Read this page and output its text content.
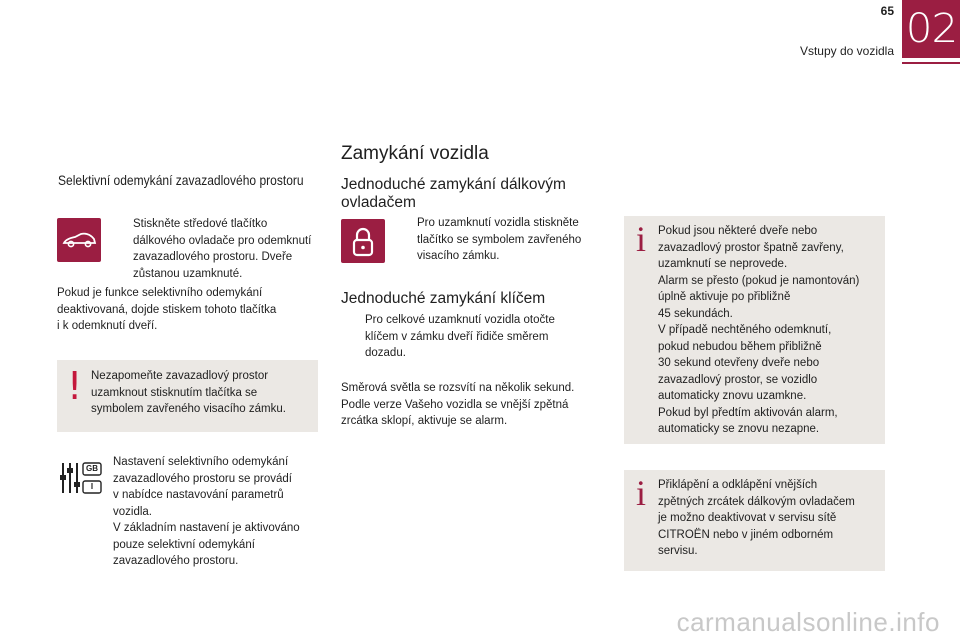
65
Vstupy do vozidla 02
Selektivní odemykání zavazadlového prostoru
Stiskněte středové tlačítko
dálkového ovladače pro odemknutí
zavazadlového prostoru. Dveře
zůstanou uzamknuté.
Pokud je funkce selektivního odemykání
deaktivovaná, dojde stiskem tohoto tlačítka
i k odemknutí dveří.
! Nezapomeňte zavazadlový prostor
uzamknout stisknutím tlačítka se
symbolem zavřeného visacího zámku.
GB
I
Nastavení selektivního odemykání
zavazadlového prostoru se provádí
v nabídce nastavování parametrů
vozidla.
V základním nastavení je aktivováno
pouze selektivní odemykání
zavazadlového prostoru.
Zamykání vozidla
Jednoduché zamykání dálkovým
ovladačem
Pro uzamknutí vozidla stiskněte
tlačítko se symbolem zavřeného
visacího zámku.
Jednoduché zamykání klíčem
Pro celkové uzamknutí vozidla otočte
klíčem v zámku dveří řidiče směrem
dozadu.
Směrová světla se rozsvítí na několik sekund.
Podle verze Vašeho vozidla se vnější zpětná
zrcátka sklopí, aktivuje se alarm.
i Pokud jsou některé dveře nebo
zavazadlový prostor špatně zavřeny,
uzamknutí se neprovede.
Alarm se přesto (pokud je namontován)
úplně aktivuje po přibližně
45 sekundách.
V případě nechtěného odemknutí,
pokud nebudou během přibližně
30 sekund otevřeny dveře nebo
zavazadlový prostor, se vozidlo
automaticky znovu uzamkne.
Pokud byl předtím aktivován alarm,
automaticky se znovu nezapne.
i Přiklápění a odklápění vnějších
zpětných zrcátek dálkovým ovladačem
je možno deaktivovat v servisu sítě
CITROËN nebo v jiném odborném
servisu.
carmanualsonline.info
